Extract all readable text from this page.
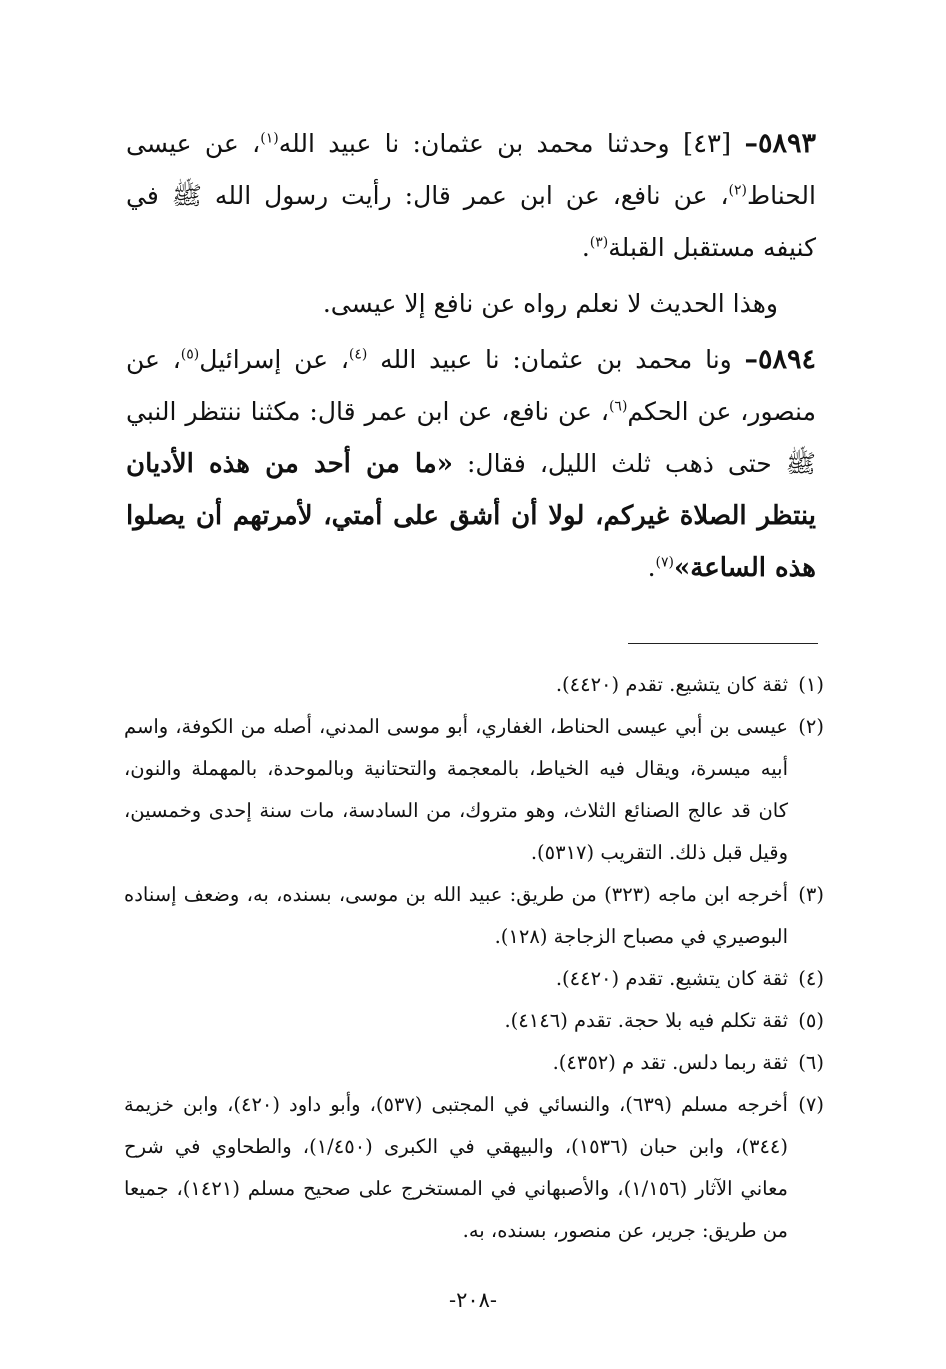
٥٨٩٣– [٤٣] وحدثنا محمد بن عثمان: نا عبيد الله$^{(١)}$، عن عيسى الحناط$^{(٢)}$، عن نافع، عن ابن عمر قال: رأيت رسول الله ﷺ في كنيفه مستقبل القبلة$^{(٣)}$.

وهذا الحديث لا نعلم رواه عن نافع إلا عيسى.

٥٨٩٤– ونا محمد بن عثمان: نا عبيد الله $^{(٤)}$، عن إسرائيل$^{(٥)}$، عن منصور، عن الحكم$^{(٦)}$، عن نافع، عن ابن عمر قال: مكثنا ننتظر النبي ﷺ حتى ذهب ثلث الليل، فقال: «ما من أحد من هذه الأديان ينتظر الصلاة غيركم، لولا أن أشق على أمتي، لأمرتهم أن يصلوا هذه الساعة»$^{(٧)}$.

(١)
ثقة كان يتشيع. تقدم (٤٤٢٠).
(٢)
عيسى بن أبي عيسى الحناط، الغفاري، أبو موسى المدني، أصله من الكوفة، واسم أبيه ميسرة، ويقال فيه الخياط، بالمعجمة والتحتانية وبالموحدة، بالمهملة والنون، كان قد عالج الصنائع الثلاث، وهو متروك، من السادسة، مات سنة إحدى وخمسين، وقيل قبل ذلك. التقريب (٥٣١٧).
(٣)
أخرجه ابن ماجه (٣٢٣) من طريق: عبيد الله بن موسى، بسنده، به، وضعف إسناده البوصيري في مصباح الزجاجة (١٢٨).
(٤)
ثقة كان يتشيع. تقدم (٤٤٢٠).
(٥)
ثقة تكلم فيه بلا حجة. تقدم (٤١٤٦).
(٦)
ثقة ربما دلس. تقد م (٤٣٥٢).
(٧)
أخرجه مسلم (٦٣٩)، والنسائي في المجتبى (٥٣٧)، وأبو داود (٤٢٠)، وابن خزيمة (٣٤٤)، وابن حبان (١٥٣٦)، والبيهقي في الكبرى (١/٤٥٠)، والطحاوي في شرح معاني الآثار (١/١٥٦)، والأصبهاني في المستخرج على صحيح مسلم (١٤٢١)، جميعا من طريق: جرير، عن منصور، بسنده، به.
-٢٠٨-
